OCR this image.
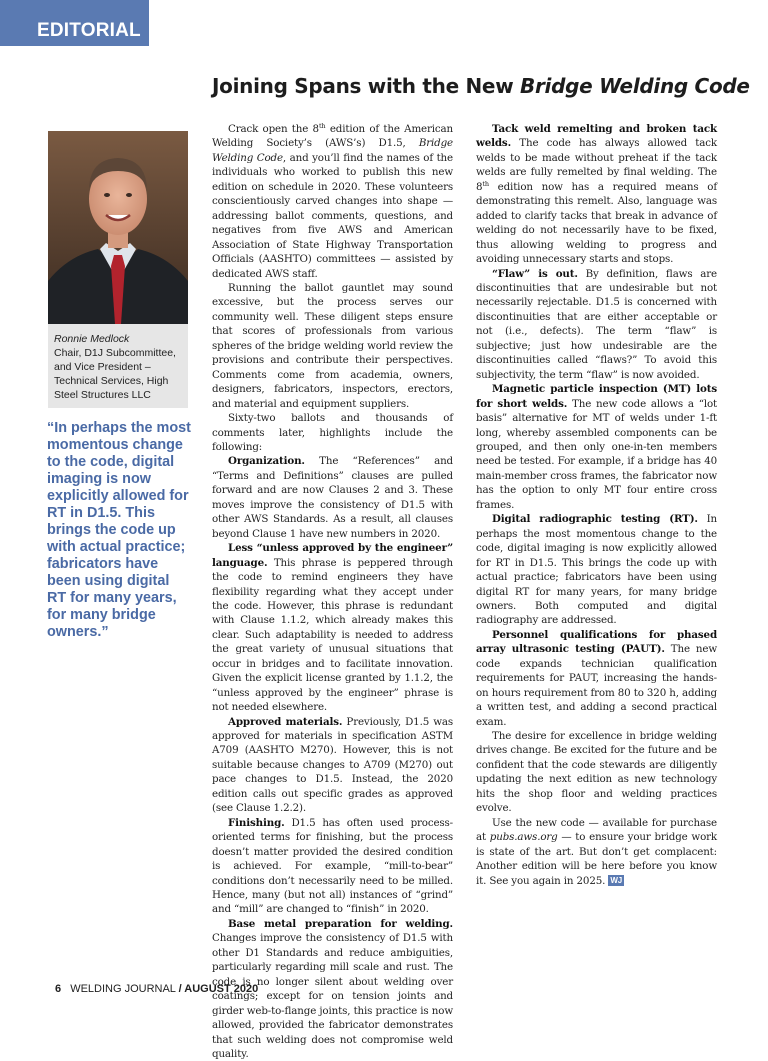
EDITORIAL
Joining Spans with the New Bridge Welding Code
Ronnie Medlock
Chair, D1J Subcommittee, and Vice President – Technical Services, High Steel Structures LLC

“In perhaps the most momentous change to the code, digital imaging is now explicitly allowed for RT in D1.5. This brings the code up with actual practice; fabricators have been using digital RT for many years, for many bridge owners.”

Crack open the 8th edition of the American Welding Society’s (AWS’s) D1.5, Bridge Welding Code, and you’ll find the names of the individuals who worked to publish this new edition on schedule in 2020. These volunteers conscientiously carved changes into shape — addressing ballot comments, questions, and negatives from five AWS and American Association of State Highway Transportation Officials (AASHTO) committees — assisted by dedicated AWS staff.

Running the ballot gauntlet may sound excessive, but the process serves our community well. These diligent steps ensure that scores of professionals from various spheres of the bridge welding world review the provisions and contribute their perspectives. Comments come from academia, owners, designers, fabricators, inspectors, erectors, and material and equipment suppliers.

Sixty-two ballots and thousands of comments later, highlights include the following:

Organization. The “References” and “Terms and Definitions” clauses are pulled forward and are now Clauses 2 and 3. These moves improve the consistency of D1.5 with other AWS Standards. As a result, all clauses beyond Clause 1 have new numbers in 2020.

Less “unless approved by the engineer” language. This phrase is peppered through the code to remind engineers they have flexibility regarding what they accept under the code. However, this phrase is redundant with Clause 1.1.2, which already makes this clear. Such adaptability is needed to address the great variety of unusual situations that occur in bridges and to facilitate innovation. Given the explicit license granted by 1.1.2, the “unless approved by the engineer” phrase is not needed elsewhere.

Approved materials. Previously, D1.5 was approved for materials in specification ASTM A709 (AASHTO M270). However, this is not suitable because changes to A709 (M270) out pace changes to D1.5. Instead, the 2020 edition calls out specific grades as approved (see Clause 1.2.2).

Finishing. D1.5 has often used process-oriented terms for finishing, but the process doesn’t matter provided the desired condition is achieved. For example, “mill-to-bear” conditions don’t necessarily need to be milled. Hence, many (but not all) instances of “grind” and “mill” are changed to “finish” in 2020.

Base metal preparation for welding. Changes improve the consistency of D1.5 with other D1 Standards and reduce ambiguities, particularly regarding mill scale and rust. The code is no longer silent about welding over coatings; except for on tension joints and girder web-to-flange joints, this practice is now allowed, provided the fabricator demonstrates that such welding does not compromise weld quality.

Tack weld remelting and broken tack welds. The code has always allowed tack welds to be made without preheat if the tack welds are fully remelted by final welding. The 8th edition now has a required means of demonstrating this remelt. Also, language was added to clarify tacks that break in advance of welding do not necessarily have to be fixed, thus allowing welding to progress and avoiding unnecessary starts and stops.

“Flaw” is out. By definition, flaws are discontinuities that are undesirable but not necessarily rejectable. D1.5 is concerned with discontinuities that are either acceptable or not (i.e., defects). The term “flaw” is subjective; just how undesirable are the discontinuities called “flaws?” To avoid this subjectivity, the term “flaw” is now avoided.

Magnetic particle inspection (MT) lots for short welds. The new code allows a “lot basis” alternative for MT of welds under 1-ft long, whereby assembled components can be grouped, and then only one-in-ten members need be tested. For example, if a bridge has 40 main-member cross frames, the fabricator now has the option to only MT four entire cross frames.

Digital radiographic testing (RT). In perhaps the most momentous change to the code, digital imaging is now explicitly allowed for RT in D1.5. This brings the code up with actual practice; fabricators have been using digital RT for many years, for many bridge owners. Both computed and digital radiography are addressed.

Personnel qualifications for phased array ultrasonic testing (PAUT). The new code expands technician qualification requirements for PAUT, increasing the hands-on hours requirement from 80 to 320 h, adding a written test, and adding a second practical exam.

The desire for excellence in bridge welding drives change. Be excited for the future and be confident that the code stewards are diligently updating the next edition as new technology hits the shop floor and welding practices evolve.

Use the new code — available for purchase at pubs.aws.org — to ensure your bridge work is state of the art. But don’t get complacent: Another edition will be here before you know it. See you again in 2025. WJ

6 WELDING JOURNAL / AUGUST 2020
